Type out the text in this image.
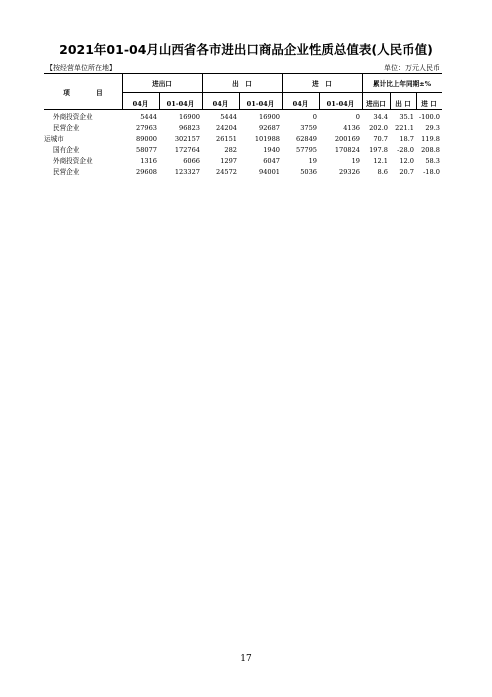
2021年01-04月山西省各市进出口商品企业性质总值表(人民币值)
【按经营单位所在地】	单位：万元人民币
项　　　　目
进出口	出　口	进　口	累计比上年同期±%
04月	01-04月	04月	01-04月	04月	01-04月	进出口	出 口	进 口
外商投资企业	5444	16900	5444	16900	0	0 34.4 35.1 -100.0
民营企业	27963	96823 24204	92687	3759	4136 202.0 221.1 29.3
运城市	89000	302157 26151	101988 62849	200169 70.7 18.7 119.8
国有企业	58077	172764	282	1940 57795	170824 197.8 -28.0 208.8
外商投资企业	1316	6066	1297	6047	19	19 12.1 12.0 58.3
民营企业	29608	123327 24572	94001	5036	29326	8.6 20.7 -18.0
17
